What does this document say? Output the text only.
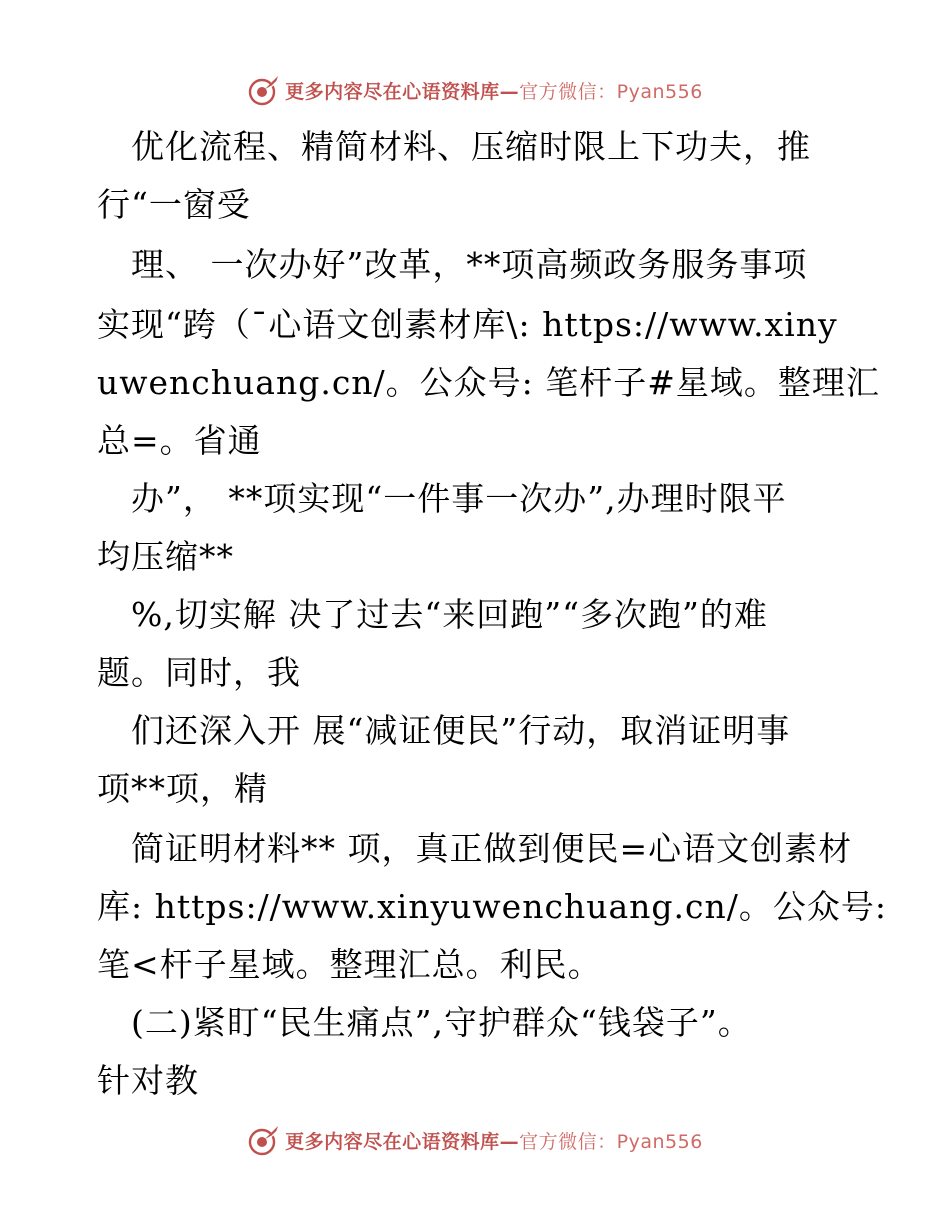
更多内容尽在心语资料库—官方微信：Pyan556
　优化流程、精简材料、压缩时限上下功夫，推
行“一窗受
　理、 一次办好”改革，**项高频政务服务事项
实现“跨（¯心语文创素材库\: https://www.xiny
uwenchuang.cn/。公众号: 笔杆子#星域。整理汇
总=。省通
　办”， **项实现“一件事一次办”,办理时限平
均压缩**
　%,切实解 决了过去“来回跑”“多次跑”的难
题。同时，我
　们还深入开 展“减证便民”行动，取消证明事
项**项，精
　简证明材料** 项，真正做到便民=心语文创素材
库: https://www.xinyuwenchuang.cn/。公众号:
笔<杆子星域。整理汇总。利民。
　(二)紧盯“民生痛点”,守护群众“钱袋子”。
针对教
更多内容尽在心语资料库—官方微信：Pyan556
